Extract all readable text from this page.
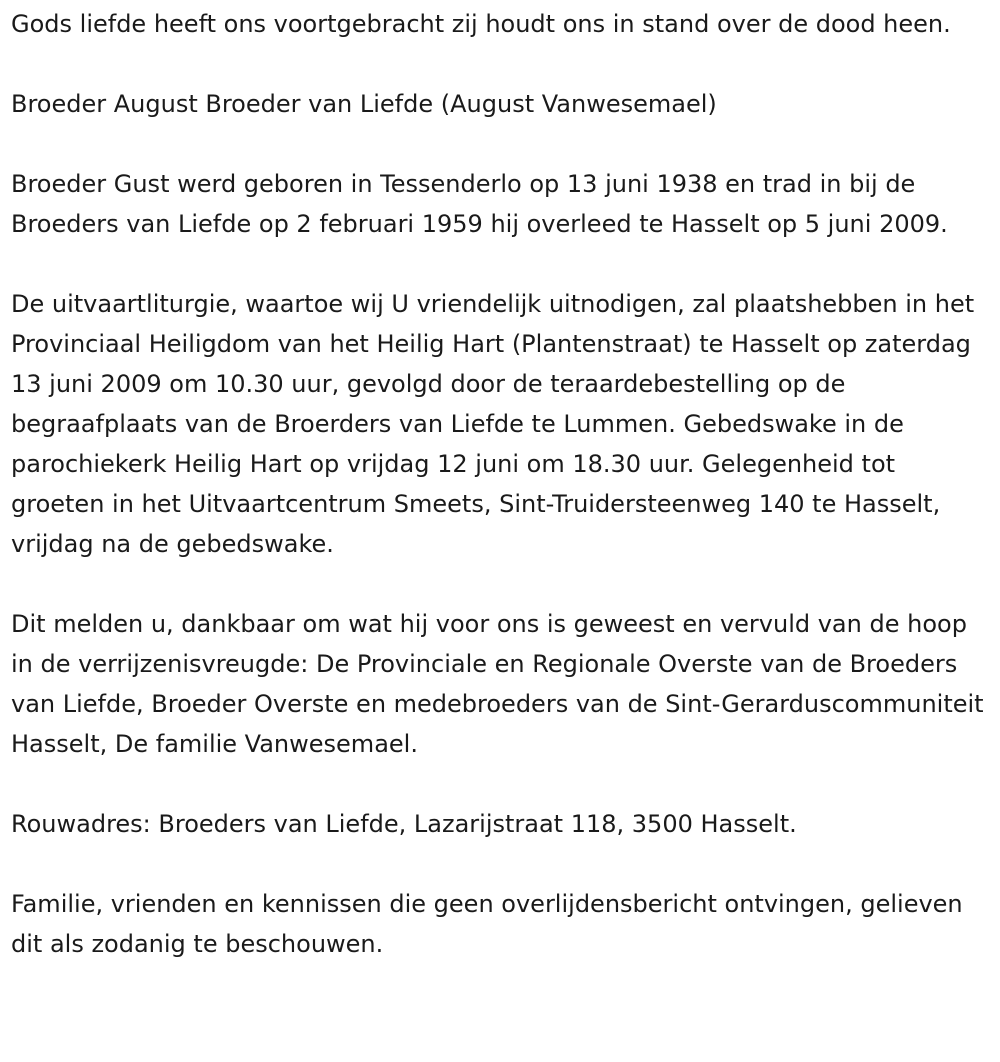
Gods liefde heeft ons voortgebracht zij houdt ons in stand over de dood heen.

Broeder August Broeder van Liefde (August Vanwesemael)

Broeder Gust werd geboren in Tessenderlo op 13 juni 1938 en trad in bij de Broeders van Liefde op 2 februari 1959 hij overleed te Hasselt op 5 juni 2009.

De uitvaartliturgie, waartoe wij U vriendelijk uitnodigen, zal plaatshebben in het Provinciaal Heiligdom van het Heilig Hart (Plantenstraat) te Hasselt op zaterdag 13 juni 2009 om 10.30 uur, gevolgd door de teraardebestelling op de begraafplaats van de Broerders van Liefde te Lummen. Gebedswake in de parochiekerk Heilig Hart op vrijdag 12 juni om 18.30 uur. Gelegenheid tot groeten in het Uitvaartcentrum Smeets, Sint-Truidersteenweg 140 te Hasselt, vrijdag na de gebedswake.

Dit melden u, dankbaar om wat hij voor ons is geweest en vervuld van de hoop in de verrijzenisvreugde: De Provinciale en Regionale Overste van de Broeders van Liefde, Broeder Overste en medebroeders van de Sint-Gerarduscommuniteit Hasselt, De familie Vanwesemael.

Rouwadres: Broeders van Liefde, Lazarijstraat 118, 3500 Hasselt.

Familie, vrienden en kennissen die geen overlijdensbericht ontvingen, gelieven dit als zodanig te beschouwen.
